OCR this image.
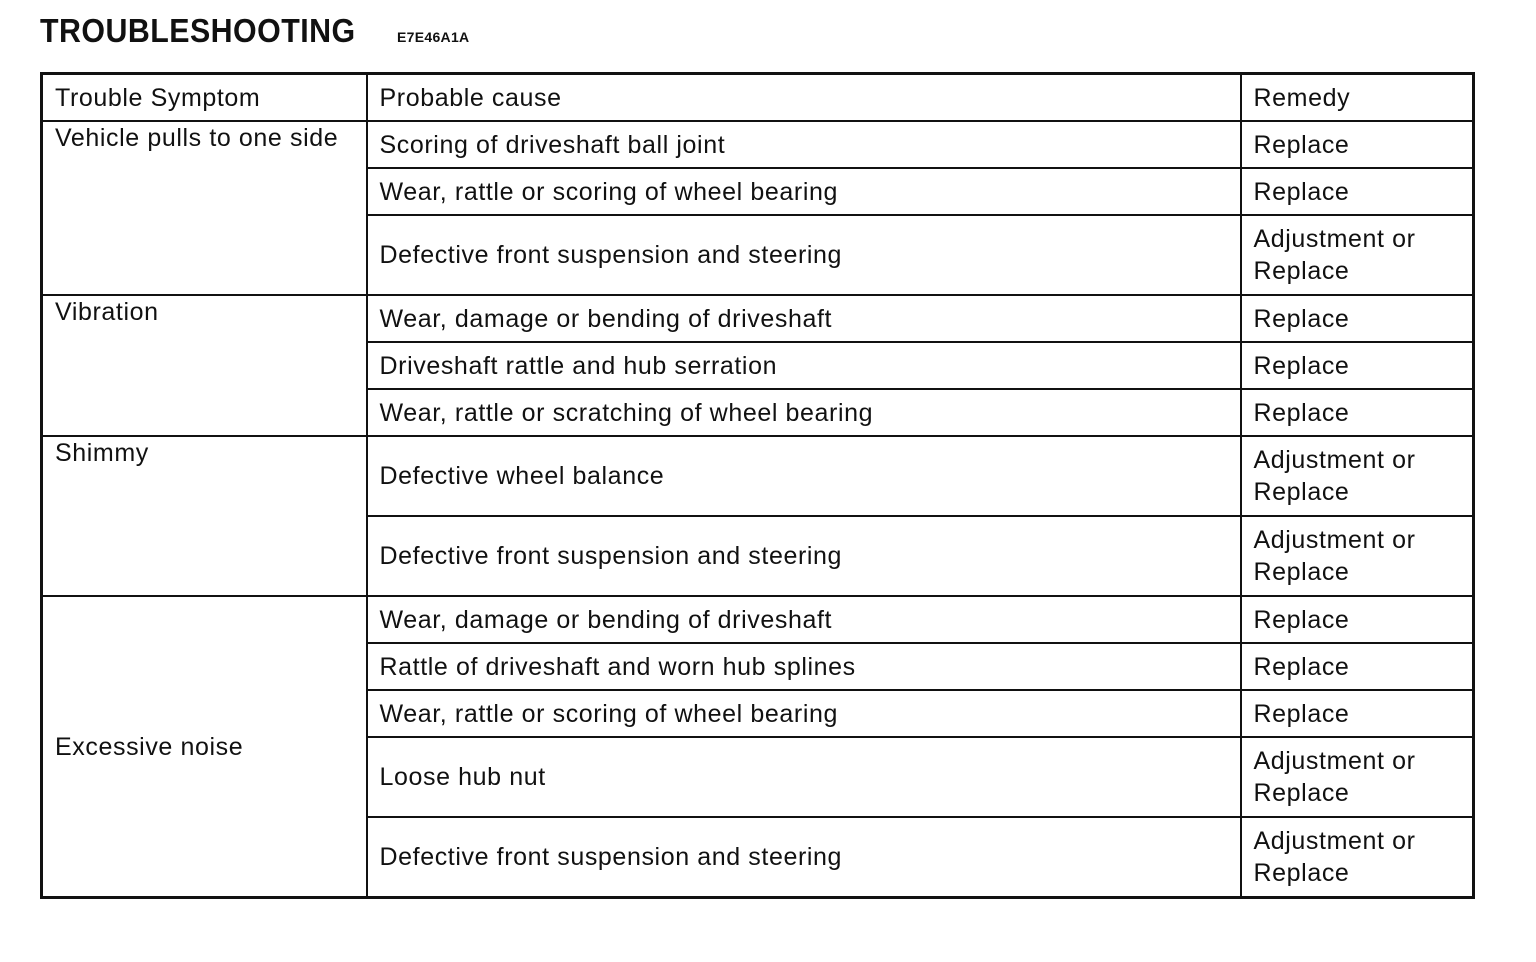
TROUBLESHOOTING	E7E46A1A
Trouble Symptom	Probable cause	Remedy
Vehicle pulls to one side	Scoring of driveshaft ball joint	Replace

	Wear, rattle or scoring of wheel bearing	Replace

	Defective front suspension and steering	Adjustment or
Replace

Vibration	Wear, damage or bending of driveshaft	Replace

	Driveshaft rattle and hub serration	Replace

	Wear, rattle or scratching of wheel bearing	Replace

Shimmy	Defective wheel balance	Adjustment or
Replace

	Defective front suspension and steering	Adjustment or
Replace

Excessive noise	Wear, damage or bending of driveshaft	Replace

	Rattle of driveshaft and worn hub splines	Replace

	Wear, rattle or scoring of wheel bearing	Replace

	Loose hub nut	Adjustment or
Replace

	Defective front suspension and steering	Adjustment or
Replace
